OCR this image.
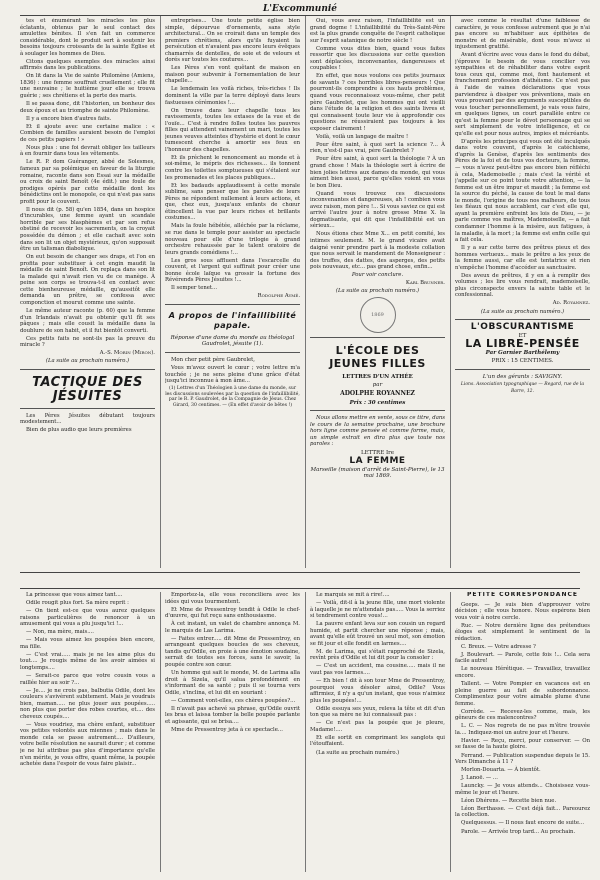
L'Excommunié

tes et énumérant les miracles les plus éclatants, obtenus par le seul contact des amulettes bénites. Il s'en fait un commerce considérable, dont le produit sert à soutenir les besoins toujours croissants de la sainte Église et à soulager les hommes de Dieu.

Citons quelques exemples des miracles ainsi affirmés dans les publications.

On lit dans la Vie de sainte Philomène (Amiens, 1836) : une femme souffrait cruellement ; elle fit une neuvaine ; le huitième jour elle se trouva guérie ; ses chrétiens et la perte des maris.

Il se passa donc, dit l'historien, un bonheur des deux époux et au triomphe de sainte Philomène.

Il y a encore bien d'autres faits.

Et il ajoute avec une certaine malice : « Combien de familles auraient besoin de l'emploi de ces petits papiers ! »

Nous plus : une foi devrait obliger les tailleurs à en fournir dans tous les vêtements.

Le R. P. dom Guéranger, abbé de Solesmes, fameux par sa polémique en faveur de la liturgie romaine, raconte dans son Essai sur la médaille ou croix de saint Benoît (4e édit.) une foule de prodiges opérés par cette médaille dont les bénédictins ont le monopole, ce qui n'est pas sans profit pour le couvent.

Il nous dit (p. 58) qu'en 1854, dans un hospice d'incurables, une femme ayant un scandale horrible par ses blasphèmes et par son refus obstiné de recevoir les sacrements, on la croyait possédée du démon ; et elle cachait avec soin dans son lit un objet mystérieux, qu'on supposait être un talisman diabolique.

On eut besoin de changer ses draps, et l'on en profita pour substituer à cet engin maudit la médaille de saint Benoît. On replaça dans son lit la malade qui n'avait rien vu de ce manège. À peine son corps se trouva-t-il en contact avec cette bienheureuse médaille, qu'aussitôt elle demanda un prêtre, se confessa avec componction et mourut comme une sainte.

Le même auteur raconte (p. 60) que la femme d'un Irlandais n'avait pu obtenir qu'il fît ses pâques ; mais elle cousit la médaille dans la doublure de son habit, et il fut bientôt converti.

Ces petits faits ne sont-ils pas la preuve du miracle ?

A.-S. Morin (Miron).

(La suite au prochain numéro.)

TACTIQUE DES JÉSUITES

Les Pères Jésuites débutant toujours modestement...

Bien de plus audio que leurs premières

entreprises... Une toute petite église bien simple, dépourvue d'ornements, sans style architectural... On se croirait dans un temple des premiers chrétiens, alors qu'ils fuyaient la persécution et n'avaient pas encore leurs évêques chamarrés de dentelles, de soie et de velours et dorés sur toutes les coutures...

Les Pères s'en vont quêtant de maison en maison pour subvenir à l'ornementation de leur chapelle...

Le lendemain les voilà riches, très-riches ! Ils dominent la ville par la terre déployé dans leurs fastueuses cérémonies !...

On trouve dans leur chapelle tous les ravissements, toutes les extases de la vue et de l'ouïe... C'est à rendre folles toutes les pauvres filles qui attendent vainement un mari, toutes les jeunes veuves atteintes d'hystérie et dont le cœur tumescent cherche à amortir ses feux en l'honneur des chapelles.

Et ils préchent le renoncement au monde et à soi-même, le mépris des richesses... ils tonnent contre les toilettes somptueuses qui s'étalent sur les promenades et les places publiques...

Et les badauds applaudissent à cette morale sublime, sans penser que les paroles de leurs Pères ne répondent nullement à leurs actions, et que, chez eux, jusqu'aux enfants de chœur étincellent la vue par leurs riches et brillants costumes...

Mais la foule hébétée, alléchée par la réclame, se rue dans le temple pour assister au spectacle nouveau pour elle d'une trilogie à grand orchestre rehaussée par le talent oratoire de leurs grands comédiens !...

Les gros sous affluent dans l'escarcelle du couvent, et l'argent qui suffirait pour créer une bonne école laïque va grossir la fortune des Révérends Pères Jésuites !...

Il semper tenet...

Rodolphe Aymé.

A propos de l'infaillibilité papale.
Réponse d'une dame du monde au théologal Gaudrolet, jésuite (1).

Mon cher petit père Gaubrelet,

Vous m'avez ouvert le cœur ; votre lettre m'a touchée ; je ne sens pleine d'une grâce d'état jusqu'ici inconnue à mon âme...

(1) Lettres d'un Théologien à une dame du monde, sur les discussions soulevées par la question de l'infaillibilité, par le R. P. Gaudrolet, de la Compagnie de Jésus. Chez Girard, 30 centimes. — (En effet d'avoir de bêtes !)

Oui, vous avez raison, l'infaillibilité est un grand dogme ! L'infaillibilité du Très-Saint-Père est la plus grande conquête de l'esprit catholique sur l'esprit satanique de notre siècle !

Comme vous dites bien, quand vous faites ressortir que les discussions sur cette question sont déplacées, inconvenantes, dangereuses et coupables !

En effet, que nous voulons ces petits journaux de savants ? ces horribles libres-penseurs ! Que pourront-ils comprendre à ces hauts problèmes, quand vous reconnaissez vous-même, cher petit père Gaubrelet, que les hommes qui ont vieilli dans l'étude de la religion et des saints livres et qui connaissent toute leur vie à approfondir ces questions ne réussiraient pas toujours à les exposer clairement !

Voilà, voilà un langage de maître !

Pour être saint, à quoi sert la science ?... À rien, n'est-il pas vrai, père Gaubrelet ?

Pour être saint, à quoi sert la théologie ? À un grand chose ! Mais la théologie sert à écrire de bien jolies lettres aux dames du monde, qui vous aiment bien aussi, parce qu'elles voient en vous le bon Dieu.

Quand vous trouvez ces discussions inconvenantes et dangereuses, ah ! combien vous avez raison, mon père !... Si vous saviez ce qui est arrivé l'autre jour à notre grosse Mme X. la dogmatisante, qui dit que l'infaillibilité est un sérieux...

Nous étions chez Mme X... en petit comité, les intimes seulement. M. le grand vicaire avait daigné venir prendre part à la modeste collation que nous servait le mandement de Monseigneur : des truffes, des dattes, des asperges, des petits pois nouveaux, etc... pas grand chose, enfin...

Pour voir conclure.

Karl Brunner.

(La suite au prochain numéro.)

1869
L'ÉCOLE DES JEUNES FILLES
LETTRES D'UN ATHÉE
par
ADOLPHE ROYANNEZ
Prix : 30 centimes

Nous allons mettre en vente, sous ce titre, dans le cours de la semaine prochaine, une brochure hors ligne comme pensée et comme forme, mais, un simple extrait en dira plus que toute nos paroles :

LETTRE Ire
LA FEMME
Marseille (maison d'arrêt de Saint-Pierre), le 13 mai 1869.

avec comme le résultat d'une faiblesse de caractère, je vous confesse autrement que je n'ai pas encore su m'habituer aux épithètes de monstre et de misérable, dont vous m'avez si injustement gratifié.

Avant d'écrire avec vous dans le fond du débat, j'éprouve le besoin de vous concilier vos sympathies et de réhabiliter dans votre esprit tous ceux qui, comme moi, font hautement et franchement profession d'athéisme. Ce n'est pas à l'aide de vaines déclarations que vous parviendrez à dissiper vos préventions, mais en vous prouvant par des arguments susceptibles de vous toucher personnellement, je vais vous faire, en quelques lignes, un court parallèle entre ce qu'est la femme pour le dévot personnage qui se sert simplement de votre intelligence, et ce qu'elle est pour nous autres, impies et mécréants.

D'après les principes qui vous ont été inculqués dans votre couvent, d'après le catéchisme, d'après la Genèse, d'après les sentiments des Pères de la foi et de tous vos docteurs, la femme, — vous n'avez peut-être pas encore bien réfléchi à cela, Mademoiselle ; mais c'est la vérité et j'appelle sur ce point toute votre attention, — la femme est un être impur et maudit ; la femme est la source du péché, la cause de tout le mal dans le monde, l'origine de tous nos malheurs, de tous les fléaux qui nous accablent, car c'est elle qui, ayant la première enfreint les lois de Dieu, — je parle comme vos maîtres, Mademoiselle, — a fait condamner l'homme à la misère, aux fatigues, à la maladie, à la mort ; la femme est enfin celle qui a fait cela.

Il y a sur cette terre des prêtres pieux et des hommes vertueux... mais le prêtre a les yeux de la femme aussi, car elle est tentatrice et rien n'empêche l'homme d'accéder au sanctuaire.

Des aveux de prêtres, il y en a à remplir des volumes ; les lire vous rendrait, mademoiselle, plus circonspecte envers la sainte table et le confessionnal.

Ad. Royannez.

(La suite au prochain numéro.)

L'OBSCURANTISME
ET
LA LIBRE-PENSÉE
Par Garnier Barthélemy
PRIX : 15 CENTIMES.
L'un des gérants : SAVIGNY.
Lions. Association typographique — Regard, rue de la Barre, 12.

La princesse que vous aimez tant....

Odile rougit plus fort. Sa mère reprit :

— On tient est-ce que vous aurez quelques raisons particulières de renoncer à un amusement qui vous a plu jusqu'ici !...

— Non, ma mère, mais....

— Mais vous aimez les poupées bien encore, ma fille.

— C'est vrai..... mais je ne les aime plus du tout.... Je rougis même de les avoir aimées si longtemps....

— Serait-ce parce que votre cousin vous a raillée hier au soir ?...

— Je.... je ne crois pas, balbutia Odile, dont les couleurs s'avivèrent subitement. Mais je voudrais bien, maman..... ne plus jouer aux poupées..... non plus que porter des robes courtes, et.... des cheveux coupés....

— Vous voudriez, ma chère enfant, substituer vos petites volontés aux miennes ; mais dans le monde cela se passe autrement.... D'ailleurs, votre belle résolution ne saurait durer ; et comme je ne lui attribue pas plus d'importance qu'elle n'en mérite, je vous offre, quant même, la poupée achetée dans l'espoir de vous faire plaisir...

Emportez-la, elle vous reconciliera avec les idées qui vous tourmentent.

Et Mme de Pressentroy tendit à Odile le chef-d'œuvre, qui fut reçu sans enthousiasme.

À cet instant, un valet de chambre annonça M. le marquis de Las Larima.

— Faites entrer..... dit Mme de Pressentroy, en arrangeant quelques boucles de ses cheveux, tandis qu'Odile, en proie à une émotion soudaine, serrait de toutes ses forces, sans le savoir, la poupée contre son cœur.

Un homme qui sait le monde, M. de Larima alla droit à Sizela, qu'il salua profondément en s'informant de sa santé ; puis il se tourna vers Odile, s'inclina, et lui dit en souriant :

— Comment vont-elles, ces chères poupées?...

Il n'avait pas achevé sa phrase, qu'Odile ouvrit les bras et laissa tomber la belle poupée parlante et agissante, qui se brisa....

Mme de Pressentroy jeta à ce spectacle...

Le marquis se mit à rire!....

— Voilà, dit-il à la jeune fille, une mort violente à laquelle je ne m'attendais pas..... Vous la serriez si tendrement contre vous!...

La pauvre enfant leva sur son cousin un regard humide, et partit chercher une réponse ; mais, avant qu'elle eût trouvé un seul mot, son émotion se fit jour et elle fondit en larmes....

M. de Larima, qui s'était rapproché de Sizela, revînt près d'Odile et lui dit pour la consoler :

— C'est un accident, ma cousine..... mais il ne vaut pas vos larmes....

— Eh bien ! dit à son tour Mme de Pressentroy, pourquoi vous désoler ainsi, Odile? Vous affirmiez, il n'y a qu'un instant, que vous n'aimiez plus les poupées!...

Odile essuya ses yeux, releva la tête et dit d'un ton que sa mère ne lui connaissait pas :

— Ce n'est pas la poupée que je pleure, Madame!....

Et elle sortit en comprimant les sanglots qui l'étouffaient.

(La suite au prochain numéro.)

PETITE CORRESPONDANCE

Geeps. — Je suis bien d'approuver votre décision ; elle vous honore. Nous espérons bien vous voir à notre cercle.

Ruc. — Notre dernière ligne des prétendues éloges est simplement le sentiment de la rédaction.

C. Breux. — Votre adresse ?

J. Boulevart. — Parole, cette fois !... Cela sera facile autre!

Le nouveau Hérétique. — Travaillez, travaillez encore.

Tallent. — Votre Pompier en vacances est en pleine guerre au fait de subordonnance. Complimentez pour votre aimable plume d'une femme.

Corrède. — Recevez-les comme, mais, les gêneurs de ces malencontres?

L. C. — Nos regrets de ne pas m'être trouvée la.... Indiquez-moi un autre jour et l'heure.

Havier. — Reçu, merci, pour conserver. — On se fasse de la haute gloire.

Ferrand. — Publication suspendue depuis le 15. Vers Dimanche à 11 ?

Morlon-Douarta. — À bientôt.

J. Lanoë. — ...

Launcky. — Je vous attends... Choisissez vous-même le jour et l'heure.

Léon Dhérens. — Recette bien nue.

Léon Berthasse. — C'est déjà fait... Pareourez la collection.

Quelquessus. — Il nous faut encore de suite...

Parole. — Arrivée trop tard... Au prochain.
